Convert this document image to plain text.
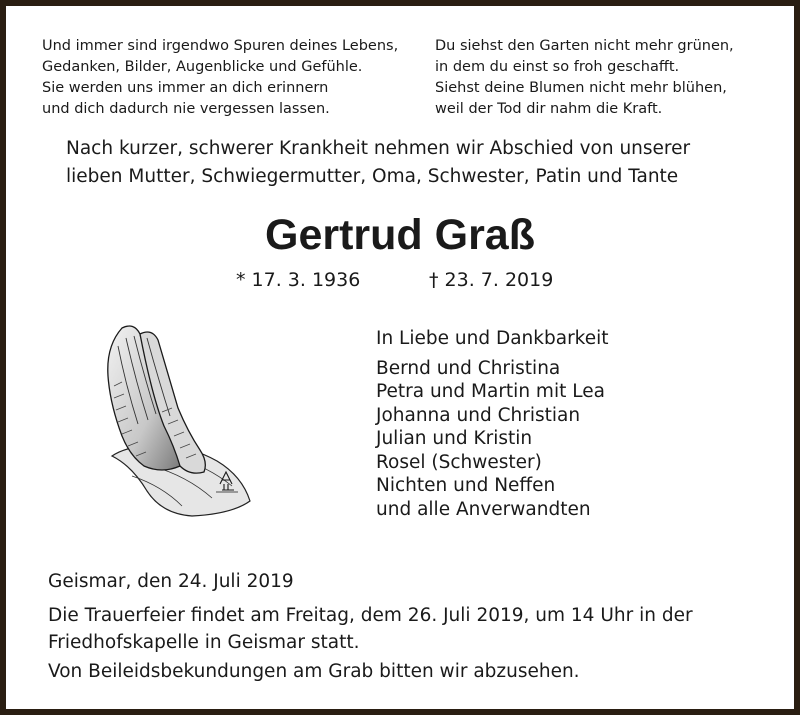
Und immer sind irgendwo Spuren deines Lebens,
Gedanken, Bilder, Augenblicke und Gefühle.
Sie werden uns immer an dich erinnern
und dich dadurch nie vergessen lassen.
Du siehst den Garten nicht mehr grünen,
in dem du einst so froh geschafft.
Siehst deine Blumen nicht mehr blühen,
weil der Tod dir nahm die Kraft.
Nach kurzer, schwerer Krankheit nehmen wir Abschied von unserer
lieben Mutter, Schwiegermutter, Oma, Schwester, Patin und Tante
Gertrud Graß
* 17. 3. 1936	† 23. 7. 2019
In Liebe und Dankbarkeit
Bernd und Christina
Petra und Martin mit Lea
Johanna und Christian
Julian und Kristin
Rosel (Schwester)
Nichten und Neffen
und alle Anverwandten
Geismar, den 24. Juli 2019
Die Trauerfeier findet am Freitag, dem 26. Juli 2019, um 14 Uhr in der
Friedhofskapelle in Geismar statt.
Von Beileidsbekundungen am Grab bitten wir abzusehen.
